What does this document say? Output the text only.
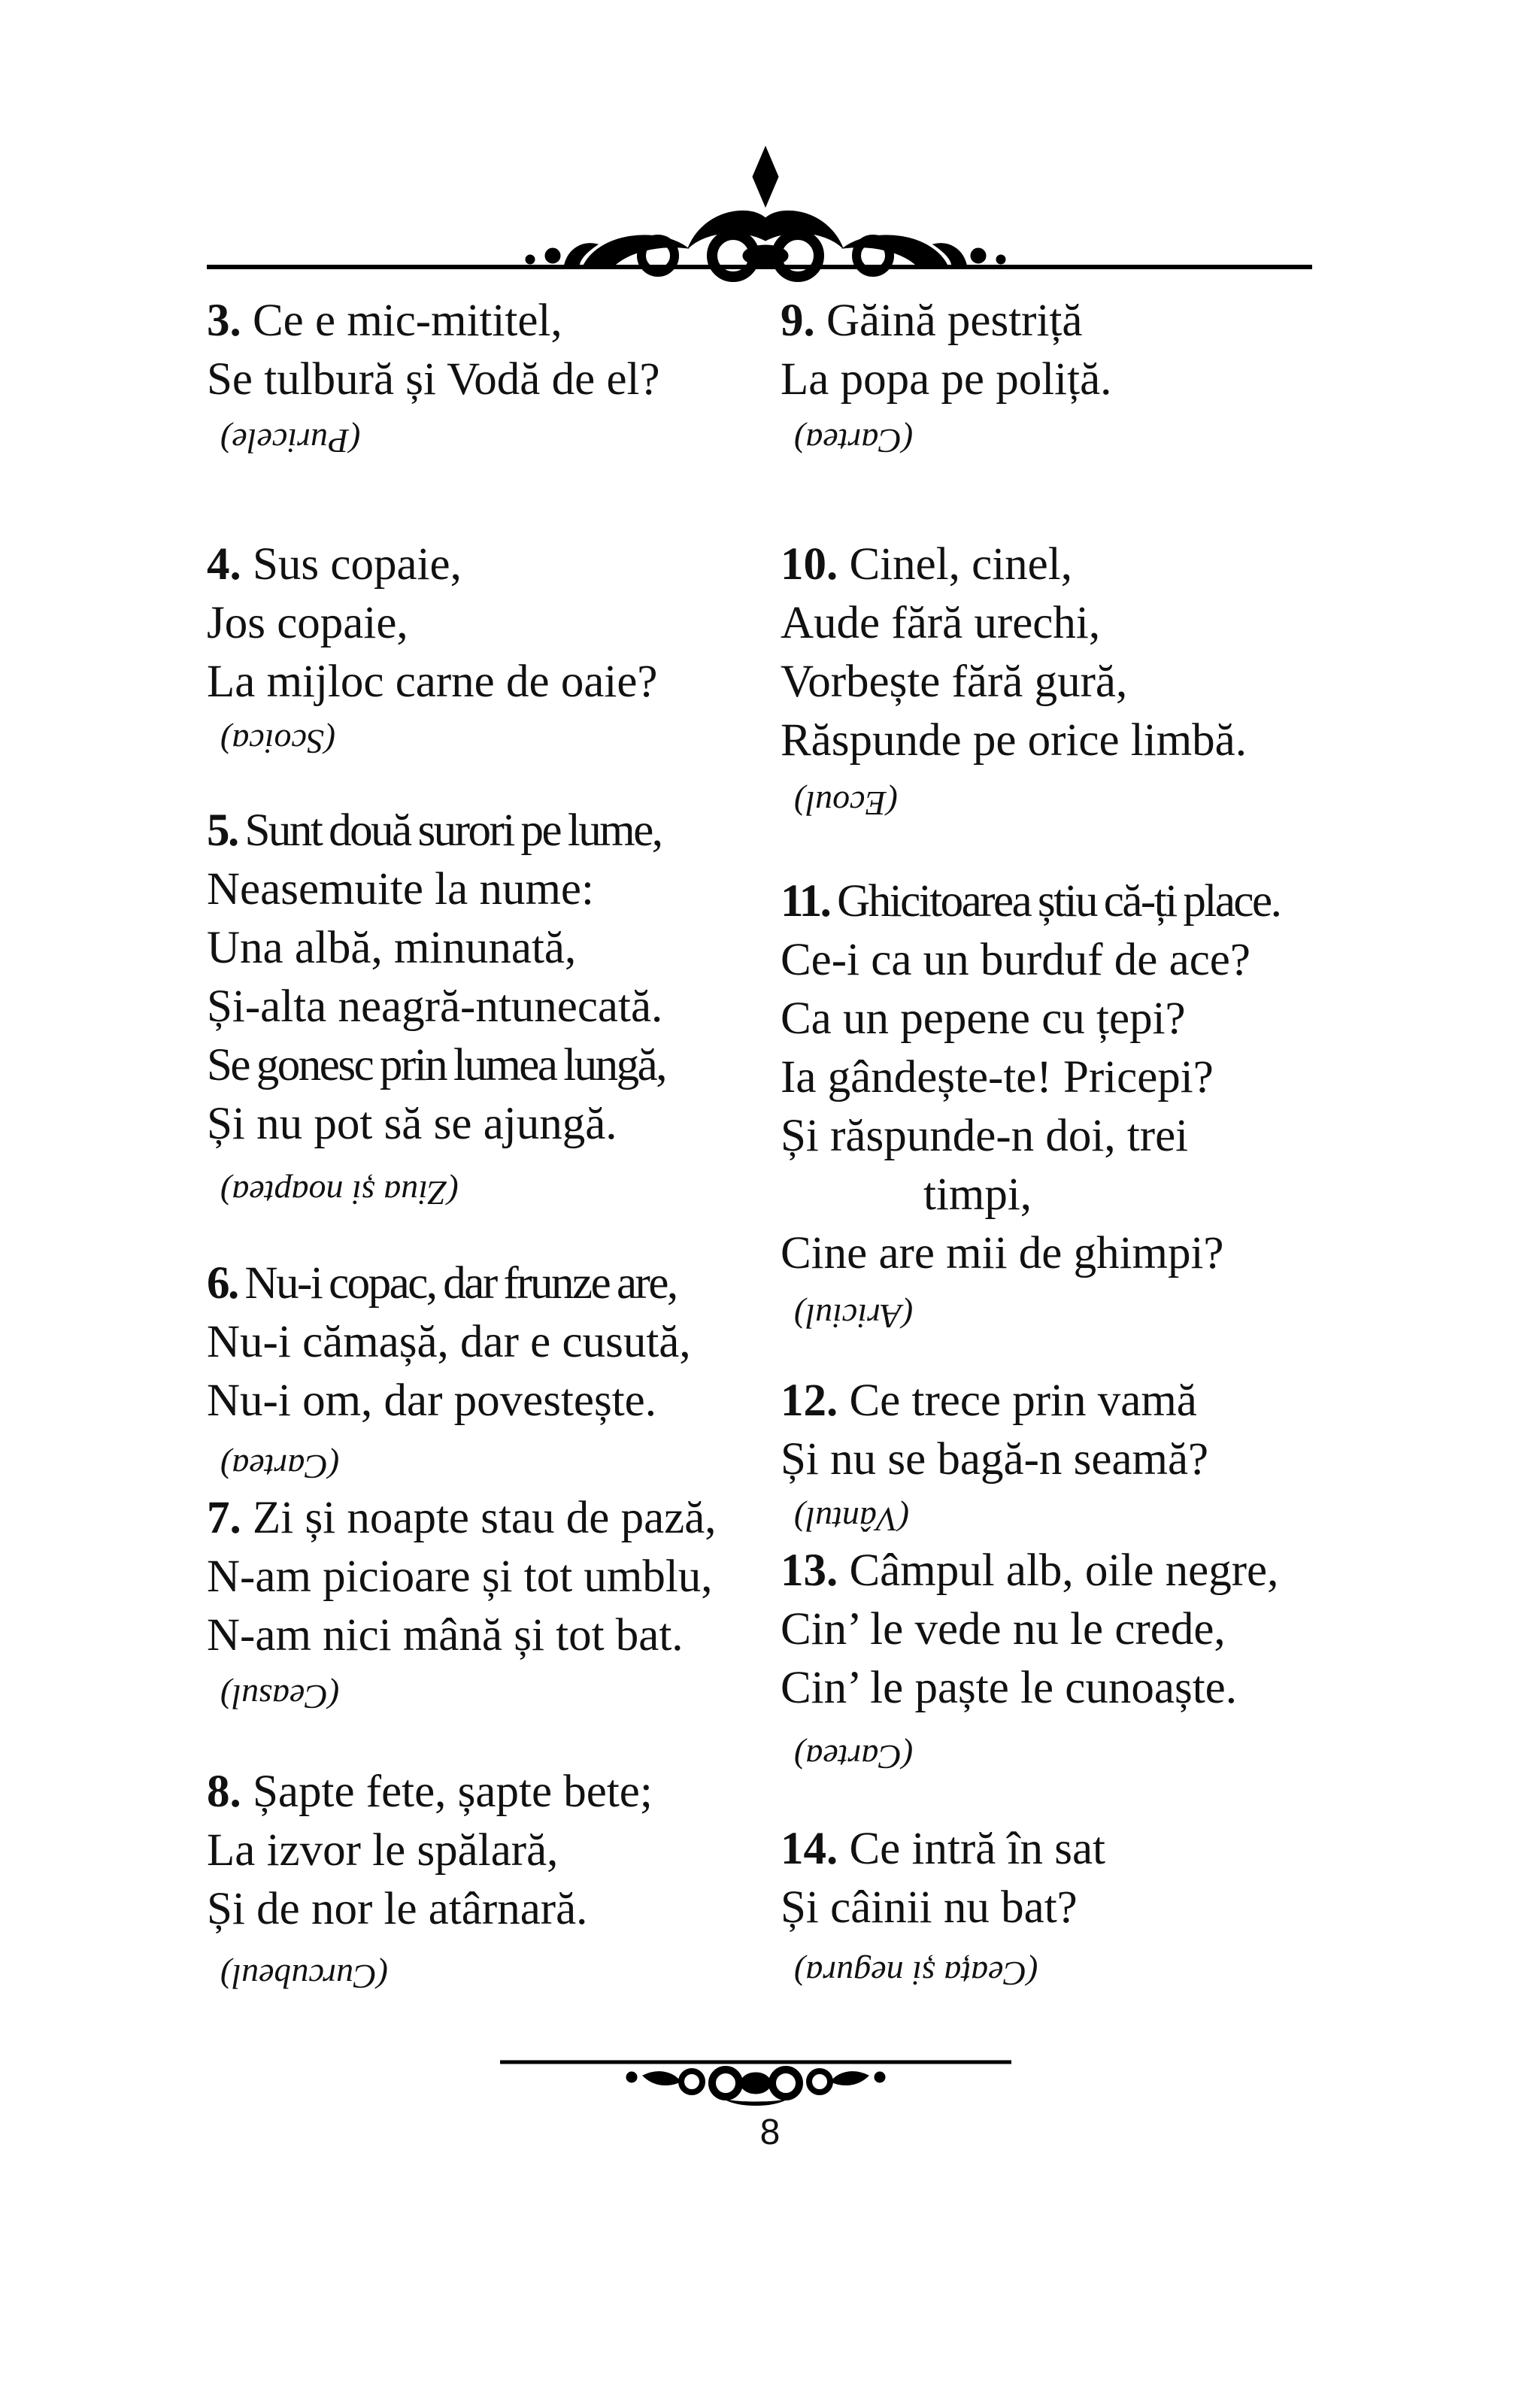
3. Ce e mic-mititel,
Se tulbură și Vodă de el?
(Puricele)
4. Sus copaie,
Jos copaie,
La mijloc carne de oaie?
(Scoica)
5. Sunt două surori pe lume,
Neasemuite la nume:
Una albă, minunată,
Și-alta neagră-ntunecată.
Se gonesc prin lumea lungă,
Și nu pot să se ajungă.
(Ziua și noaptea)
6. Nu-i copac, dar frunze are,
Nu-i cămașă, dar e cusută,
Nu-i om, dar povestește.
(Cartea)
7. Zi și noapte stau de pază,
N-am picioare și tot umblu,
N-am nici mână și tot bat.
(Ceasul)
8. Șapte fete, șapte bete;
La izvor le spălară,
Și de nor le atârnară.
(Curcubeul)
9. Găină pestriță
La popa pe poliță.
(Cartea)
10. Cinel, cinel,
Aude fără urechi,
Vorbește fără gură,
Răspunde pe orice limbă.
(Ecoul)
11. Ghicitoarea știu că-ți place.
Ce-i ca un burduf de ace?
Ca un pepene cu țepi?
Ia gândește-te! Pricepi?
Și răspunde-n doi, trei
timpi,
Cine are mii de ghimpi?
(Ariciul)
12. Ce trece prin vamă
Și nu se bagă-n seamă?
(Vântul)
13. Câmpul alb, oile negre,
Cin’ le vede nu le crede,
Cin’ le paște le cunoaște.
(Cartea)
14. Ce intră în sat
Și câinii nu bat?
(Ceața și negura)
8
